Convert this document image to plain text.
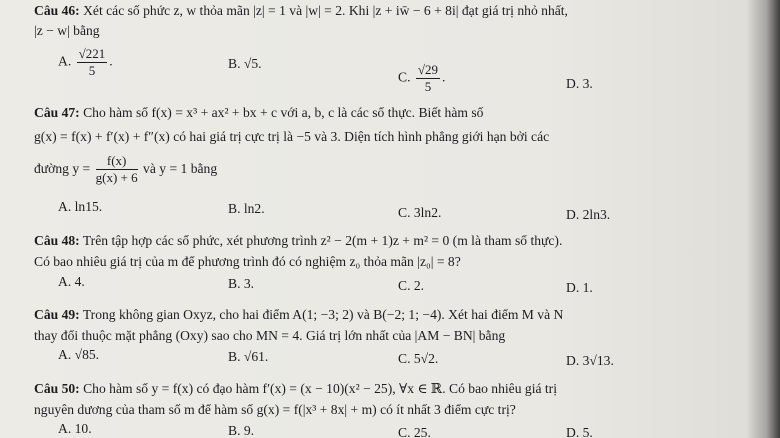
Câu 46: Xét các số phức z, w thỏa mãn |z| = 1 và |w| = 2. Khi |z + iw̄ − 6 + 8i| đạt giá trị nhỏ nhất,
|z − w| bằng
A. $\frac{√221}{5}$ .	B. √5.
C. $\frac{√29}{5}$ .	D. 3.
Câu 47: Cho hàm số f(x) = x³ + ax² + bx + c với a, b, c là các số thực. Biết hàm số
g(x) = f(x) + f′(x) + f″(x) có hai giá trị cực trị là −5 và 3. Diện tích hình phẳng giới hạn bởi các
đường $y = \frac{f(x)}{g(x) + 6}$ và y = 1 bằng
A. ln15.	B. ln2.	C. 3ln2.	D. 2ln3.
Câu 48: Trên tập hợp các số phức, xét phương trình z² − 2(m + 1)z + m² = 0 (m là tham số thực).
Có bao nhiêu giá trị của m để phương trình đó có nghiệm z₀ thỏa mãn |z₀| = 8?
A. 4.	B. 3.	C. 2.	D. 1.
Câu 49: Trong không gian Oxyz, cho hai điểm A(1; −3; 2) và B(−2; 1; −4). Xét hai điểm M và N
thay đổi thuộc mặt phẳng (Oxy) sao cho MN = 4. Giá trị lớn nhất của |AM − BN| bằng
A. √85.	B. √61.	C. 5√2.	D. 3√13.
Câu 50: Cho hàm số y = f(x) có đạo hàm f′(x) = (x − 10)(x² − 25), ∀x ∈ ℝ. Có bao nhiêu giá trị
nguyên dương của tham số m để hàm số g(x) = f(|x³ + 8x| + m) có ít nhất 3 điểm cực trị?
A. 10.	B. 9.	C. 25.	D. 5.
